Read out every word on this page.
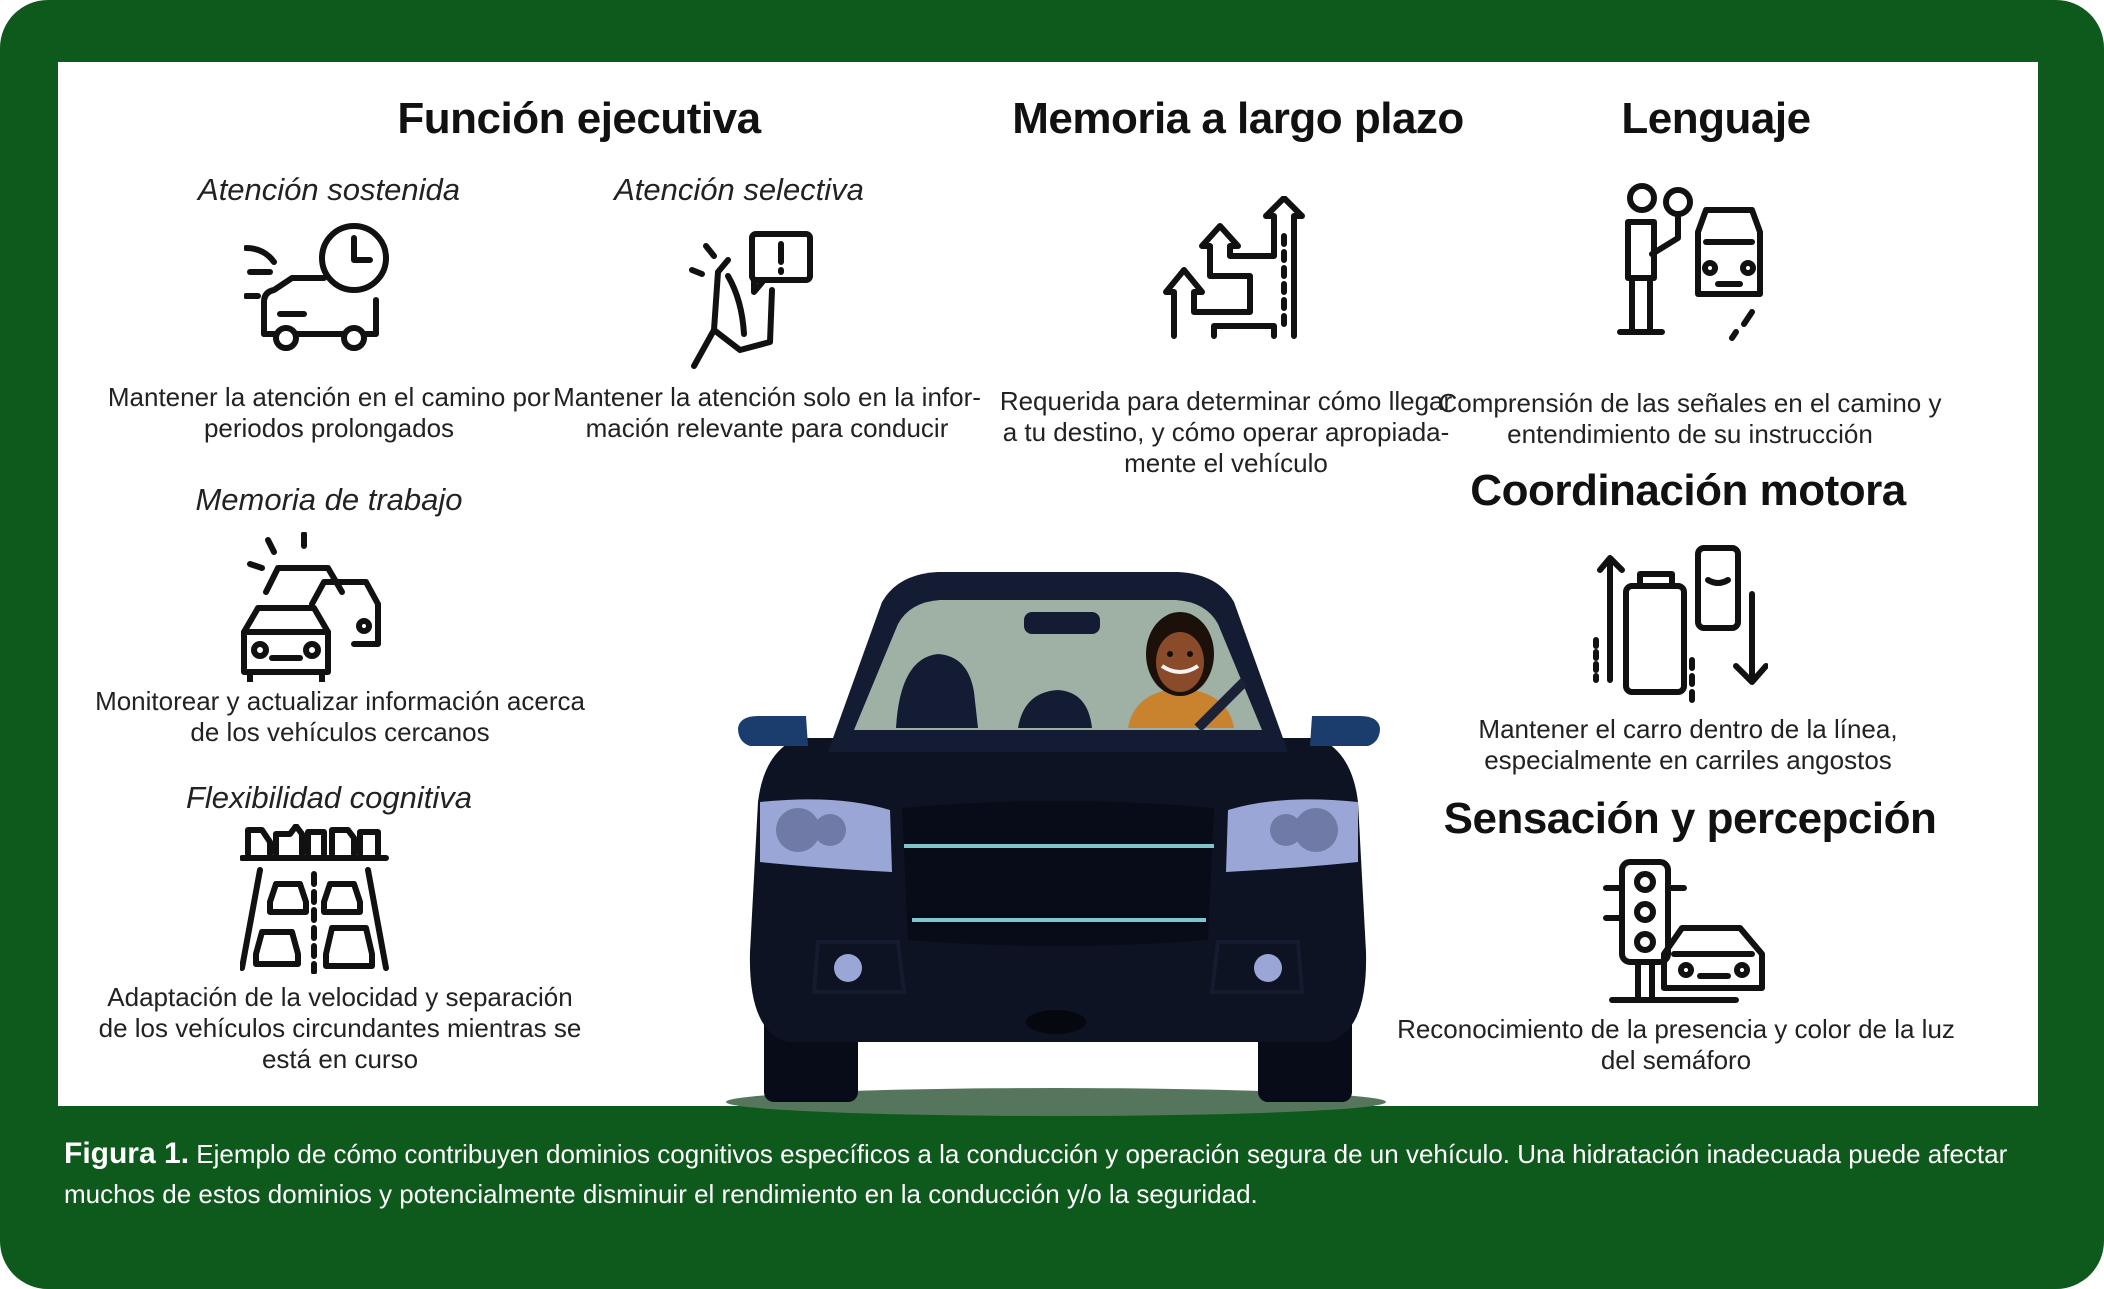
Función ejecutiva	Memoria a largo plazo	Lenguaje
Coordinación motora
Sensación y percepción
Atención sostenida
Mantener la atención en el camino por
periodos prolongados
Atención selectiva
Mantener la atención solo en la infor-
mación relevante para conducir
Requerida para determinar cómo llegar
a tu destino, y cómo operar apropiada-
mente el vehículo
Comprensión de las señales en el camino y
entendimiento de su instrucción
Memoria de trabajo
Monitorear y actualizar información acerca
de los vehículos cercanos
Flexibilidad cognitiva
Adaptación de la velocidad y separación
de los vehículos circundantes mientras se
está en curso
Mantener el carro dentro de la línea,
especialmente en carriles angostos
Reconocimiento de la presencia y color de la luz
del semáforo
Figura 1. Ejemplo de cómo contribuyen dominios cognitivos específicos a la conducción y operación segura de un vehículo. Una hidratación inadecuada puede afectar muchos de estos dominios y potencialmente disminuir el rendimiento en la conducción y/o la seguridad.
